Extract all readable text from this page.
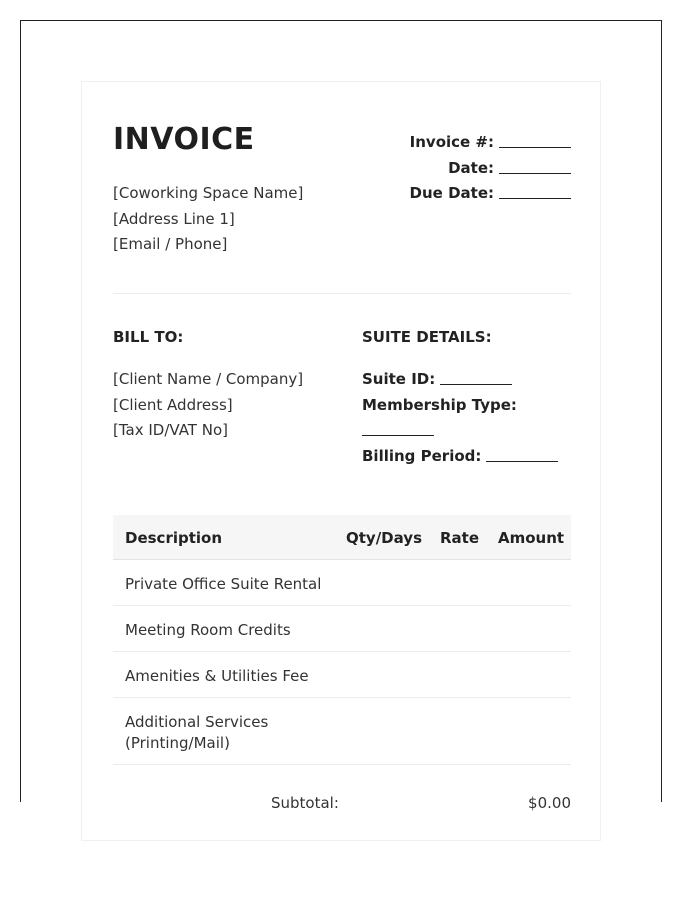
INVOICE
[Coworking Space Name]
[Address Line 1]
[Email / Phone]
Invoice #:
Date:
Due Date:
BILL TO:	SUITE DETAILS:
[Client Name / Company]
[Client Address]
[Tax ID/VAT No]
Suite ID:
Membership Type:
Billing Period:
Description	Qty/Days Rate Amount
Private Office Suite Rental
Meeting Room Credits
Amenities & Utilities Fee
Additional Services (Printing/Mail)
Subtotal:	$0.00
